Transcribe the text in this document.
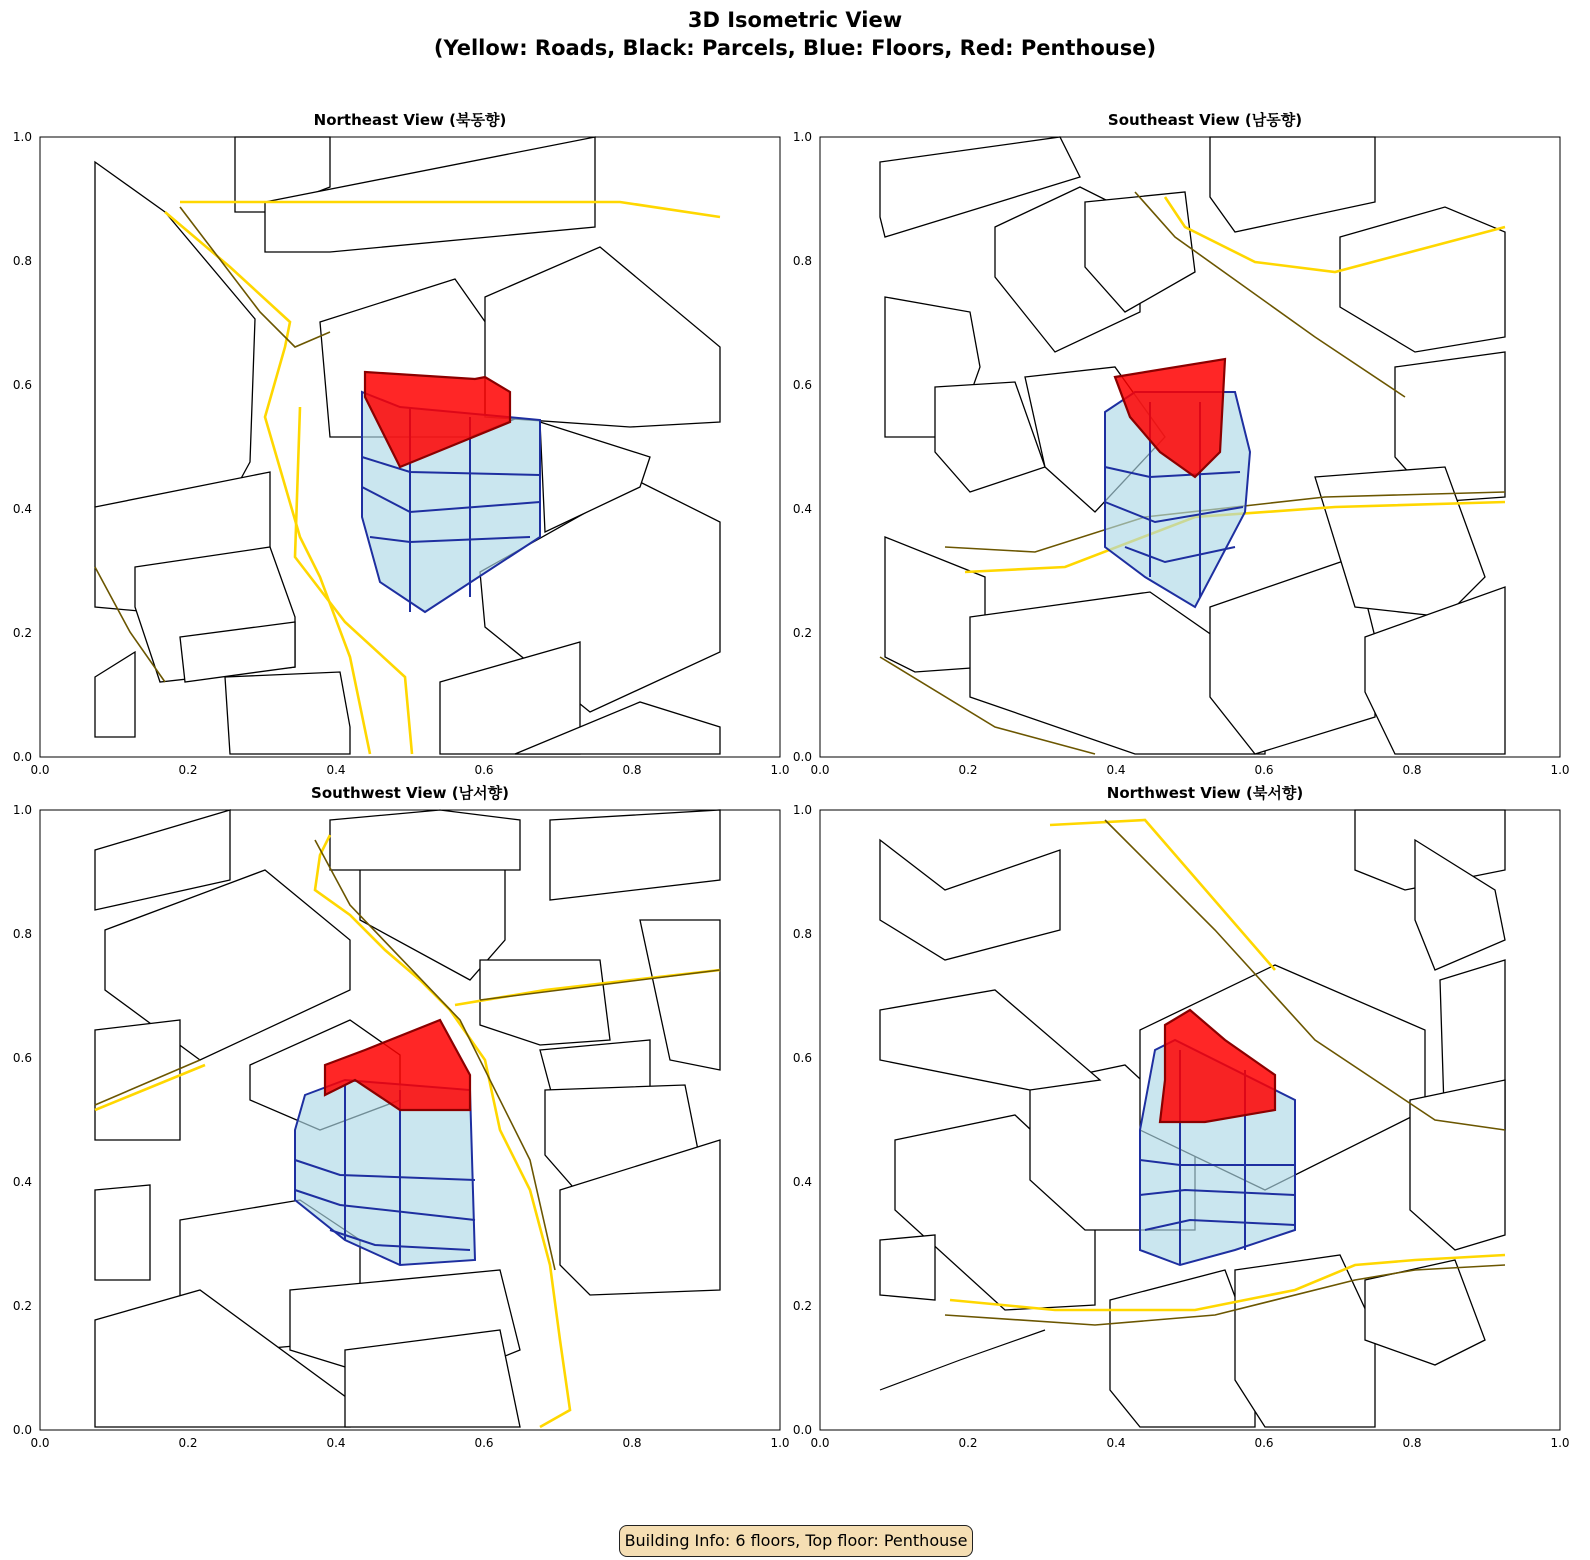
3D Isometric View
(Yellow: Roads, Black: Parcels, Blue: Floors, Red: Penthouse)
Northeast View (북동향)
0.0
0.2
0.4
0.6
0.8
1.0
0.0	0.2	0.4	0.6	0.8	1.0
Southeast View (남동향)
0.0
0.2
0.4
0.6
0.8
1.0
0.0	0.2	0.4	0.6	0.8	1.0
Southwest View (남서향)
0.0
0.2
0.4
0.6
0.8
1.0
0.0	0.2	0.4	0.6	0.8	1.0
Northwest View (북서향)
0.0
0.2
0.4
0.6
0.8
1.0
0.0	0.2	0.4	0.6	0.8	1.0
Building Info: 6 floors, Top floor: Penthouse
